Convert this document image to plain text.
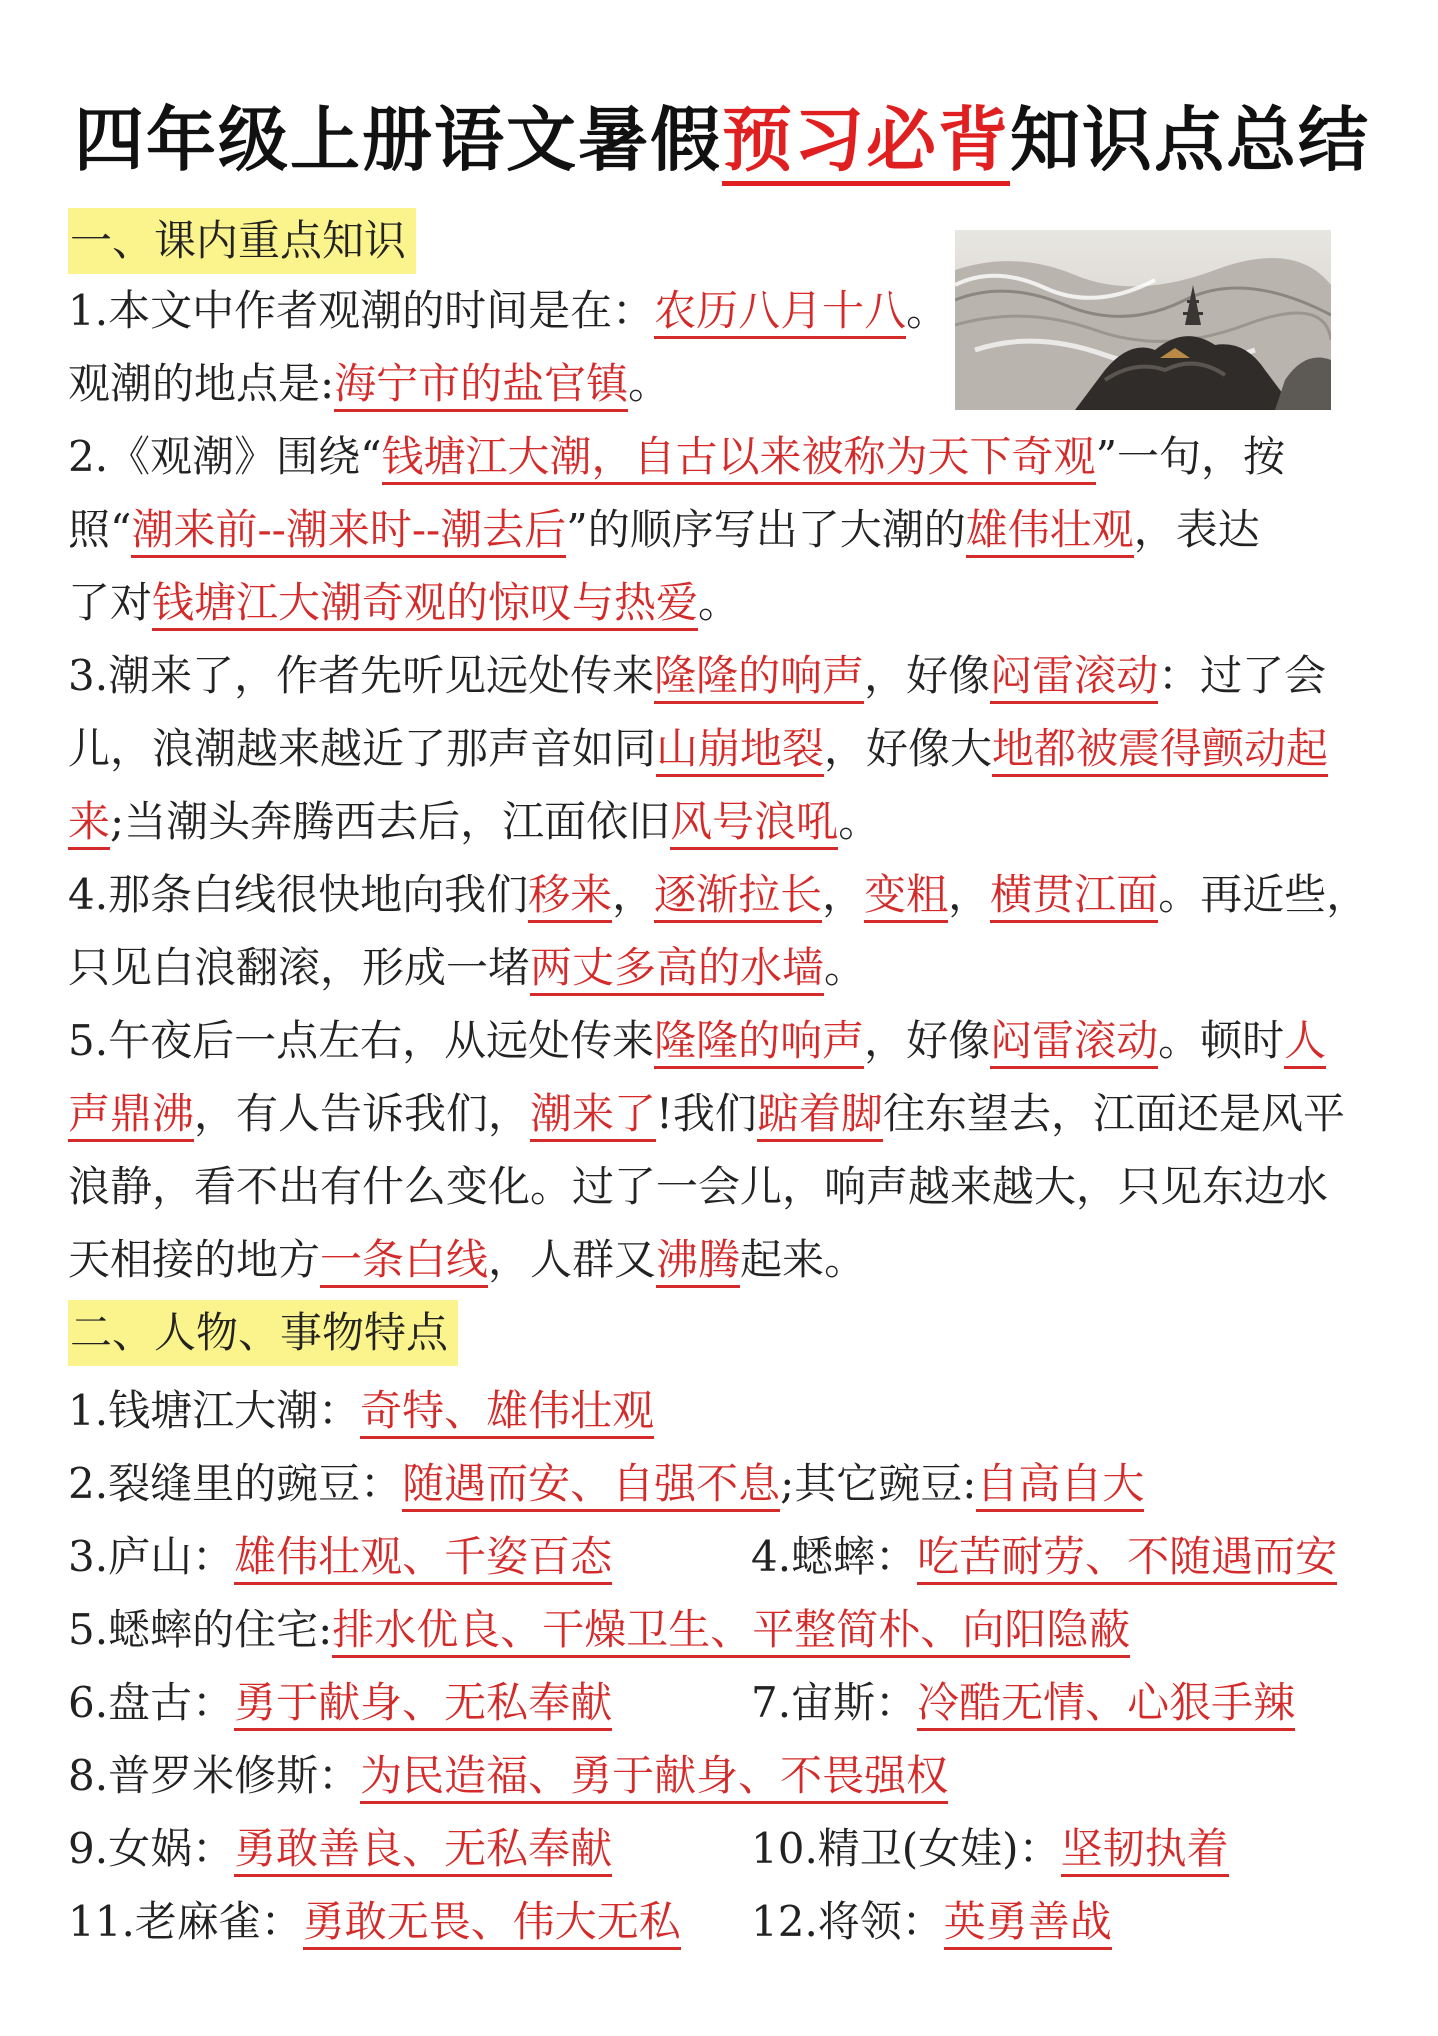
四年级上册语文暑假预习必背知识点总结
一、课内重点知识
1.本文中作者观潮的时间是在：农历八月十八。
观潮的地点是:海宁市的盐官镇。
2.《观潮》围绕“钱塘江大潮，自古以来被称为天下奇观”一句，按
照“潮来前--潮来时--潮去后”的顺序写出了大潮的雄伟壮观，表达
了对钱塘江大潮奇观的惊叹与热爱。
3.潮来了，作者先听见远处传来隆隆的响声，好像闷雷滚动：过了会
儿，浪潮越来越近了那声音如同山崩地裂，好像大地都被震得颤动起
来;当潮头奔腾西去后，江面依旧风号浪吼。
4.那条白线很快地向我们移来，逐渐拉长，变粗，横贯江面。再近些，
只见白浪翻滚，形成一堵两丈多高的水墙。
5.午夜后一点左右，从远处传来隆隆的响声，好像闷雷滚动。顿时人
声鼎沸，有人告诉我们，潮来了!我们踮着脚往东望去，江面还是风平
浪静，看不出有什么变化。过了一会儿，响声越来越大，只见东边水
天相接的地方一条白线，人群又沸腾起来。
二、人物、事物特点
1.钱塘江大潮：奇特、雄伟壮观
2.裂缝里的豌豆：随遇而安、自强不息;其它豌豆:自高自大
3.庐山：雄伟壮观、千姿百态	4.蟋蟀：吃苦耐劳、不随遇而安
5.蟋蟀的住宅:排水优良、干燥卫生、平整简朴、向阳隐蔽
6.盘古：勇于献身、无私奉献	7.宙斯：冷酷无情、心狠手辣
8.普罗米修斯：为民造福、勇于献身、不畏强权
9.女娲：勇敢善良、无私奉献	10.精卫(女娃)：坚韧执着
11.老麻雀：勇敢无畏、伟大无私 12.将领：英勇善战
